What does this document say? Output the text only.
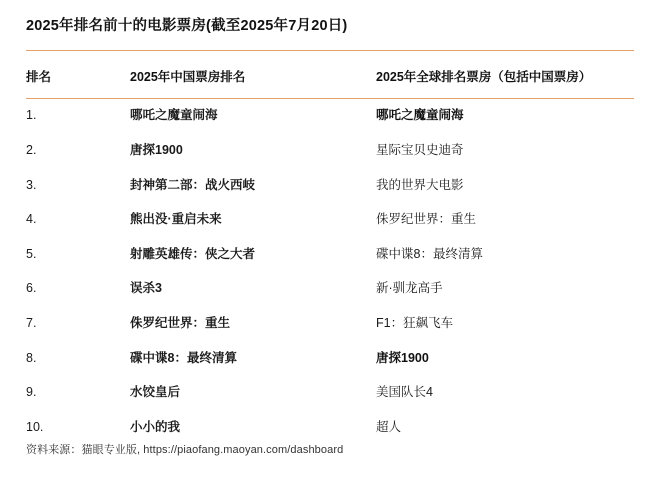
2025年排名前十的电影票房(截至2025年7月20日)
排名	2025年中国票房排名	2025年全球排名票房（包括中国票房）
1.	哪吒之魔童闹海	哪吒之魔童闹海
2.	唐探1900	星际宝贝史迪奇
3.	封神第二部：战火西岐	我的世界大电影
4.	熊出没·重启未来	侏罗纪世界：重生
5.	射雕英雄传：侠之大者	碟中谍8：最终清算
6.	误杀3	新·驯龙高手
7.	侏罗纪世界：重生	F1：狂飙飞车
8.	碟中谍8：最终清算	唐探1900
9.	水饺皇后	美国队长4
10.	小小的我	超人
资料来源：猫眼专业版, https://piaofang.maoyan.com/dashboard
